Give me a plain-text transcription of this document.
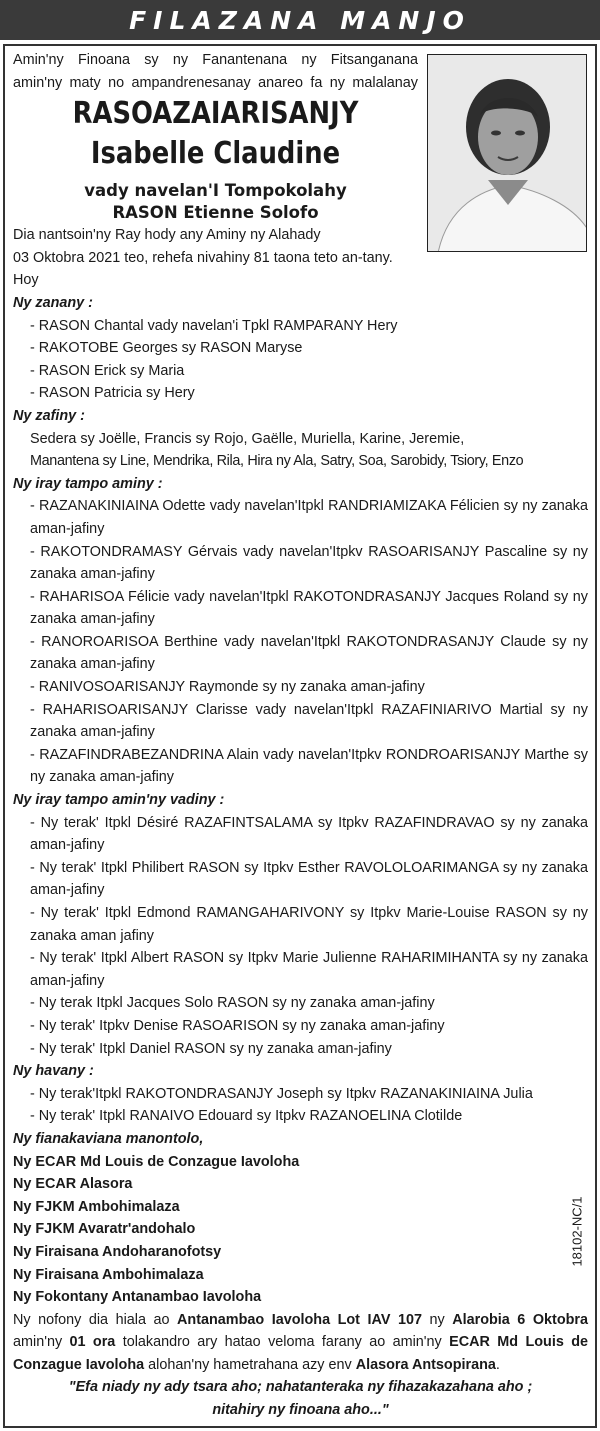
FILAZANA MANJO
Amin'ny Finoana sy ny Fanantenana ny Fitsanganana
amin'ny maty no ampandrenesanay anareo fa ny malalanay
RASOAZAIARISANJY
Isabelle Claudine
vady navelan'I Tompokolahy
RASON Etienne Solofo
Dia nantsoin'ny Ray hody any Aminy ny Alahady
03 Oktobra 2021 teo, rehefa nivahiny 81 taona teto an-tany.
Hoy
Ny zanany :
- RASON Chantal vady navelan'i Tpkl RAMPARANY Hery
- RAKOTOBE Georges sy RASON Maryse
- RASON Erick sy Maria
- RASON Patricia sy Hery
Ny zafiny :
Sedera sy Joëlle, Francis sy Rojo, Gaëlle, Muriella, Karine, Jeremie,
Manantena sy Line, Mendrika, Rila, Hira ny Ala, Satry, Soa, Sarobidy, Tsiory, Enzo
Ny iray tampo aminy :
- RAZANAKINIAINA Odette vady navelan'Itpkl RANDRIAMIZAKA Félicien sy ny zanaka aman-jafiny
- RAKOTONDRAMASY Gérvais vady navelan'Itpkv RASOARISANJY Pascaline sy ny zanaka aman-jafiny
- RAHARISOA Félicie vady navelan'Itpkl RAKOTONDRASANJY Jacques Roland sy ny zanaka aman-jafiny
- RANOROARISOA Berthine vady navelan'Itpkl RAKOTONDRASANJY Claude sy ny zanaka aman-jafiny
- RANIVOSOARISANJY Raymonde sy ny zanaka aman-jafiny
- RAHARISOARISANJY Clarisse vady navelan'Itpkl RAZAFINIARIVO Martial sy ny zanaka aman-jafiny
- RAZAFINDRABEZANDRINA Alain vady navelan'Itpkv RONDROARISANJY Marthe sy ny zanaka aman-jafiny
Ny iray tampo amin'ny vadiny :
- Ny terak' Itpkl Désiré RAZAFINTSALAMA sy Itpkv RAZAFINDRAVAO sy ny zanaka aman-jafiny
- Ny terak' Itpkl Philibert RASON sy Itpkv Esther RAVOLOLOARIMANGA sy ny zanaka aman-jafiny
- Ny terak' Itpkl Edmond RAMANGAHARIVONY sy Itpkv Marie-Louise RASON sy ny zanaka aman jafiny
- Ny terak' Itpkl Albert RASON sy Itpkv Marie Julienne RAHARIMIHANTA sy ny zanaka aman-jafiny
- Ny terak Itpkl Jacques Solo RASON sy ny zanaka aman-jafiny
- Ny terak' Itpkv Denise RASOARISON sy ny zanaka aman-jafiny
- Ny terak' Itpkl Daniel RASON sy ny zanaka aman-jafiny
Ny havany :
- Ny terak'Itpkl RAKOTONDRASANJY Joseph sy Itpkv RAZANAKINIAINA Julia
- Ny terak' Itpkl RANAIVO Edouard sy Itpkv RAZANOELINA Clotilde
Ny fianakaviana manontolo,
Ny ECAR Md Louis de Conzague Iavoloha
Ny ECAR Alasora
Ny FJKM Ambohimalaza
Ny FJKM Avaratr'andohalo
Ny Firaisana Andoharanofotsy
Ny Firaisana Ambohimalaza
Ny Fokontany Antanambao Iavoloha
Ny nofony dia hiala ao Antanambao Iavoloha Lot IAV 107 ny Alarobia 6 Oktobra amin'ny 01 ora tolakandro ary hatao veloma farany ao amin'ny ECAR Md Louis de Conzague Iavoloha alohan'ny hametrahana azy env Alasora Antsopirana.
"Efa niady ny ady tsara aho; nahatanteraka ny fihazakazahana aho ;
nitahiry ny finoana aho..."
18102-NC/1
